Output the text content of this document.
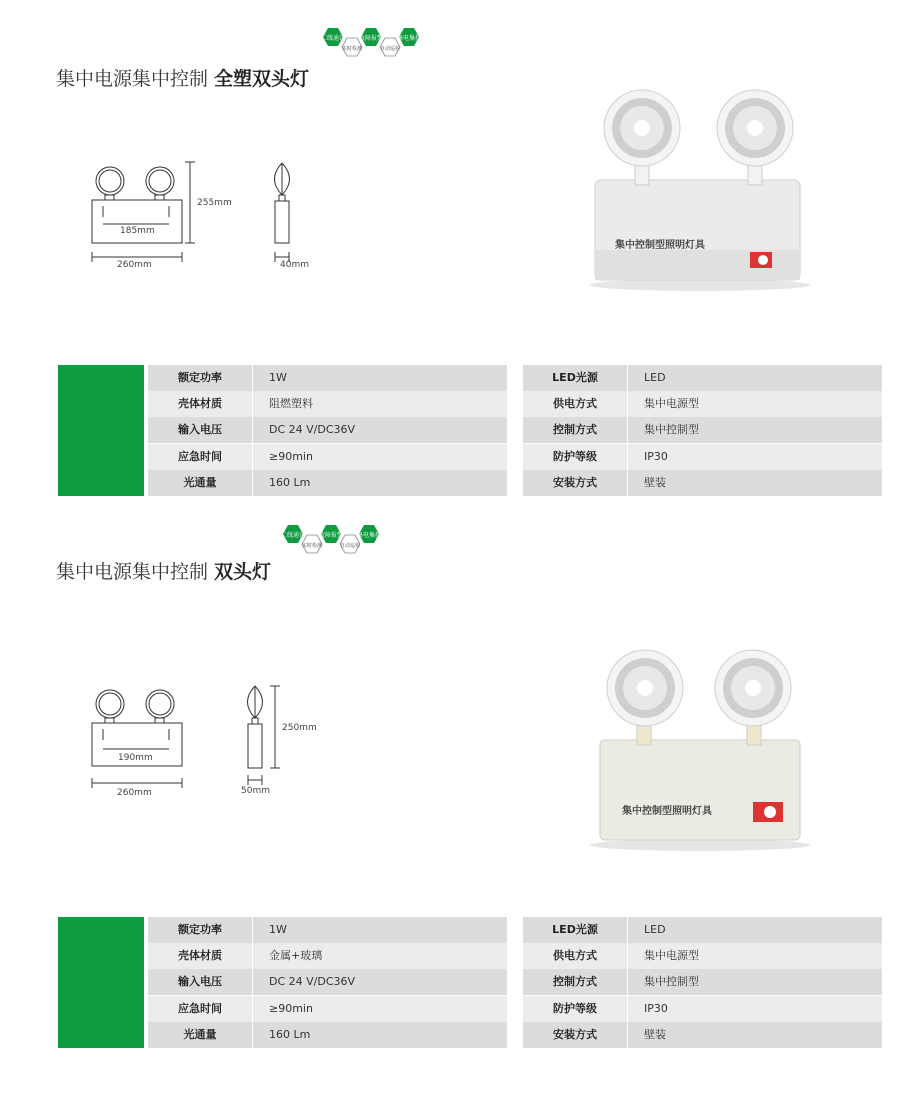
二线通讯
实时检测
故障报警
自动巡检
集电集控
集中电源集中控制 全塑双头灯
255mm
185mm
260mm	40mm
集中控制型照明灯具
额定功率	1W
壳体材质	阻燃塑料
输入电压	DC 24 V/DC36V
应急时间	≥90min
光通量	160 Lm
LED光源	LED
供电方式	集中电源型
控制方式	集中控制型
防护等级	IP30
安装方式	壁装
二线通讯
实时检测
故障报警
自动巡检
集电集控
集中电源集中控制 双头灯
250mm
190mm
260mm	50mm
集中控制型照明灯具
额定功率	1W
壳体材质	金属+玻璃
输入电压	DC 24 V/DC36V
应急时间	≥90min
光通量	160 Lm
LED光源	LED
供电方式	集中电源型
控制方式	集中控制型
防护等级	IP30
安装方式	壁装
